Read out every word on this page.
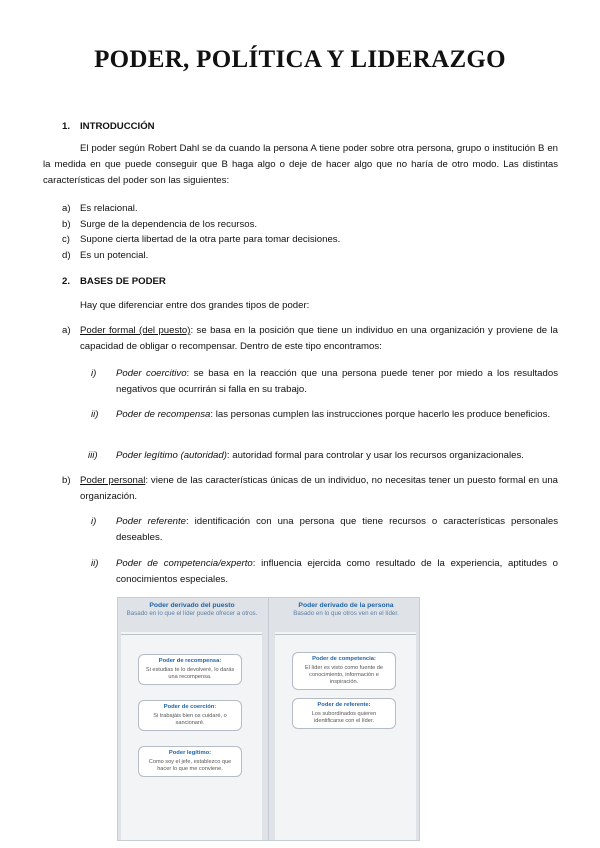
PODER, POLÍTICA Y LIDERAZGO
1. INTRODUCCIÓN
El poder según Robert Dahl se da cuando la persona A tiene poder sobre otra persona, grupo o institución B en la medida en que puede conseguir que B haga algo o deje de hacer algo que no haría de otro modo. Las distintas características del poder son las siguientes:
a) Es relacional.
b) Surge de la dependencia de los recursos.
c) Supone cierta libertad de la otra parte para tomar decisiones.
d) Es un potencial.
2. BASES DE PODER
Hay que diferenciar entre dos grandes tipos de poder:
a) Poder formal (del puesto): se basa en la posición que tiene un individuo en una organización y proviene de la capacidad de obligar o recompensar. Dentro de este tipo encontramos:
i) Poder coercitivo: se basa en la reacción que una persona puede tener por miedo a los resultados negativos que ocurrirán si falla en su trabajo.
ii) Poder de recompensa: las personas cumplen las instrucciones porque hacerlo les produce beneficios.
iii) Poder legítimo (autoridad): autoridad formal para controlar y usar los recursos organizacionales.
b) Poder personal: viene de las características únicas de un individuo, no necesitas tener un puesto formal en una organización.
i) Poder referente: identificación con una persona que tiene recursos o características personales deseables.
ii) Poder de competencia/experto: influencia ejercida como resultado de la experiencia, aptitudes o conocimientos especiales.
Poder derivado del puesto
Basado en lo que el líder puede ofrecer a otros.
Poder derivado de la persona
Basado en lo que otros ven en el líder.
Poder de recompensa:
Si estudias te lo devolveré, lo darás una recompensa.
Poder de coerción:
Si trabajáis bien os cuidaré, o sancionaré.
Poder legítimo:
Como soy el jefe, establezco que hacer lo que me conviene.
Poder de competencia:
El líder es visto como fuente de conocimiento, información e inspiración.
Poder de referente:
Los subordinados quieren identificarse con el líder.
